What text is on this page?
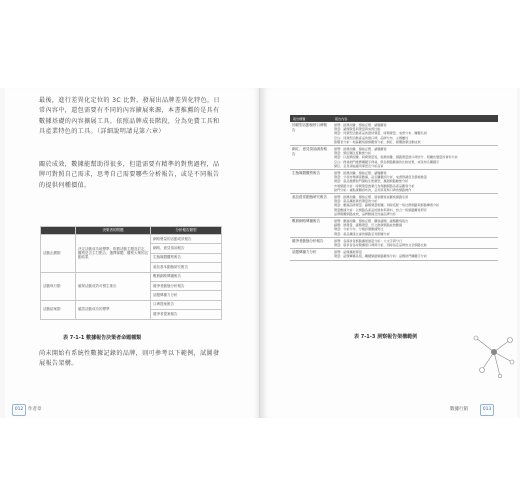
最後，進行差異化定位的 3C 比對，發展出品牌差異化特色，日常內容中，還包需要有不同的內容擴展來源，本書推薦的是具有數據基礎的內容擴展工具，依照品牌成長階段，分為免費工具和具產業特色的工具。（詳細說明請見第六章）

關於成效，數據能幫助得很多，但還需要有精準的對焦過程，品牌可對照自己需求，思考自己需要哪些分析報告，或是不同報告的提供何種價值。

	決策者的問題	分析報告類型
活動企劃類	決定活動成功地標準、推薦活動主題及訂定、觀察是否主打點合、選擇媒體、觀察大眾的活動結果	網路聲量的活動成效報告
		網路、意見領袖報告
		生態媒體觀察報告
		產品基本動態研究報告
活動執行類	確保活動成效可穩生推出	數據網路傳播報告
		競爭者動態分析報告
		話題傳播力分析
活動結案類	確認活動成功的標準	口碑提案報告
		競爭者提案報告
表 7-1-1 數據報告決策者命題種類

尚未開始有系統性數據記錄的品牌，則可參考以下範例，試圖發展報告架構。

012	作者章
報告標題	報告內容
回顧型活動檢核口碑報告	總覽：振興詞彙、價格反應、議題觀察
聲量：議題聲量與聲量與來源比較
聲量：同類型活動產品的總結聲量、時間聲量、來源分布、關鍵名詞
空白：同類型活動產品的總口碑，品牌分布、主題屬性
影響者分析：地區觀察總網觀察分析，網紅、媒體推廣活動成效

網紅、意見領袖調查報告	總覽：振興詞彙、價格反應、議題觀察
聲量：網紅關注度動態分析
聲量：以振興詞彙、時間聲量等，振興詞彙、網路聲量總口碑評分、相關性變量的資料分析
空白：搜尋熱門推薦關鍵字搜尋，與各網路數據的比較結果，或是知名關鍵字
網紅、意見領袖適用事實及分析品質

生態媒體觀察報告	總覽：振興詞彙、價格反應、議題觀察
聲量：分項市場調查數據，品名關鍵詞分析，來源辨識度及價格動量
聲量：產品推薦熱門價格生態類型，擴展網路動態分析
市場網路分析：時間聲量推廣行為規劃網路各產品觀察分析
熱門分析：重點媒體發布的，意見與業務口碑的網路操作

產品經常動態研究報告	總覽：振興詞彙、價格反應、競爭觀察成觀察網路系統
聲量：產品擴展資訊聲量的分析
聲量：數據品牌聲量、議題聲量相關。同時搭配一般社群網路與網路傳遞分析
聲量數據分析：以網路各產品的總參與資料，結合一般網路觀察研究
品牌媒體網路成效，品牌數據及討論品牌內容

數據網路傳播報告	總覽：數據詞彙、價格反應、觀察議題、議題觀察報告
議題：總聲量、議題聲量、訂立推廣網路成效數據
聲量：分析分布、分類評價數據對比
聲量：產品擴張比重的網路意見相關分析

競爭者動態分析報告	總覽：各競爭者網路擴展總量分析：大文字與分行
聲量：競爭者各時間擴展口碑與分析，同時指定品牌的文章網路比較

話題傳播力分析	總覽：話題擴展聲量
聲量：話題傳播各組，關鍵網路網路觀察分析：話題熱門關鍵字分析
表 7-1-3 洞察報告架構範例
數據行銷	013
